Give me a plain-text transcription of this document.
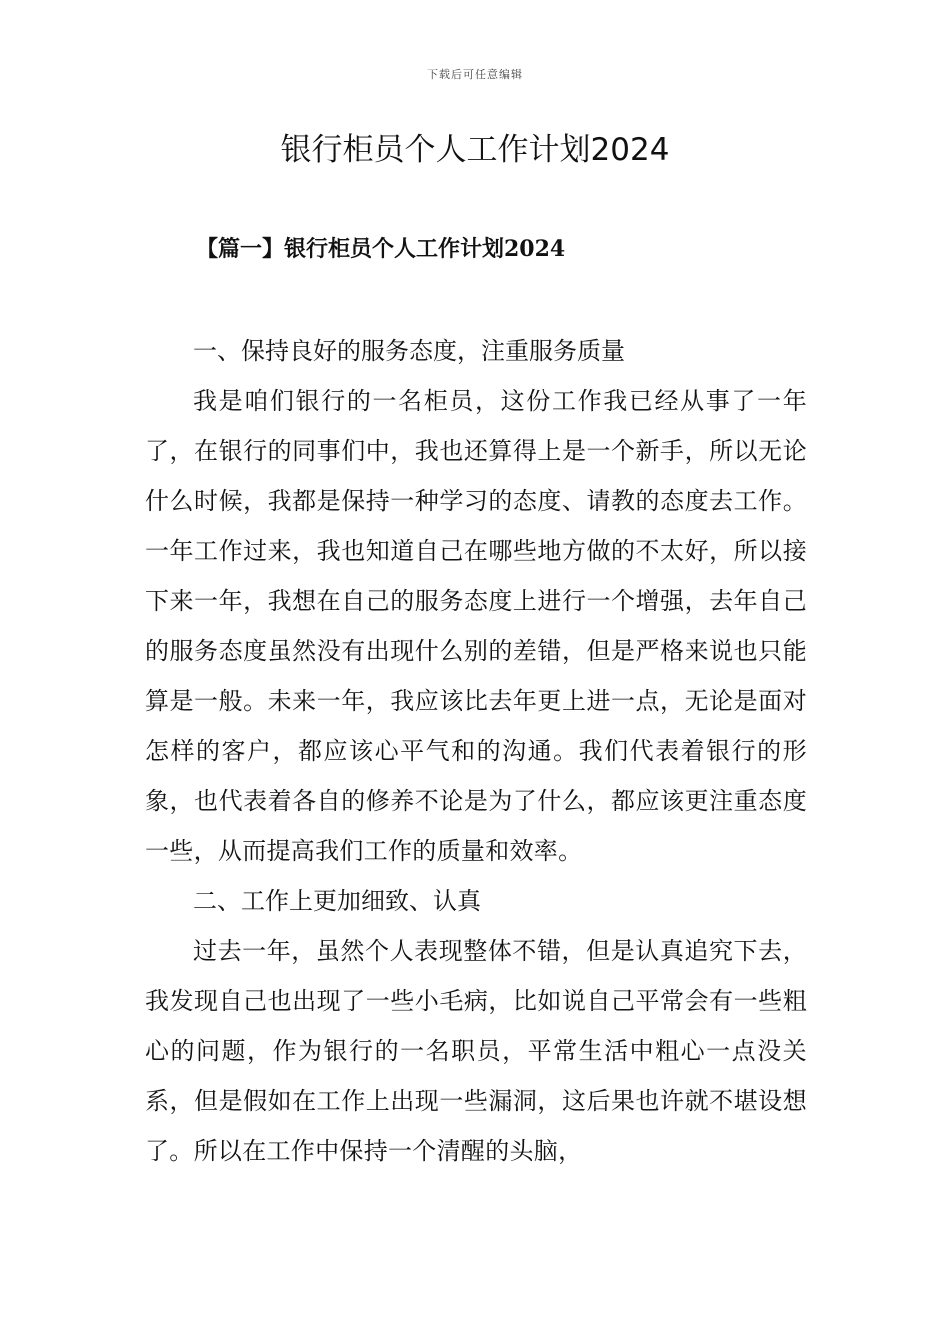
下载后可任意编辑
银行柜员个人工作计划2024
【篇一】银行柜员个人工作计划2024

一、保持良好的服务态度，注重服务质量

我是咱们银行的一名柜员，这份工作我已经从事了一年了，在银行的同事们中，我也还算得上是一个新手，所以无论什么时候，我都是保持一种学习的态度、请教的态度去工作。一年工作过来，我也知道自己在哪些地方做的不太好，所以接下来一年，我想在自己的服务态度上进行一个增强，去年自己的服务态度虽然没有出现什么别的差错，但是严格来说也只能算是一般。未来一年，我应该比去年更上进一点，无论是面对怎样的客户，都应该心平气和的沟通。我们代表着银行的形象，也代表着各自的修养不论是为了什么，都应该更注重态度一些，从而提高我们工作的质量和效率。

二、工作上更加细致、认真

过去一年，虽然个人表现整体不错，但是认真追究下去，我发现自己也出现了一些小毛病，比如说自己平常会有一些粗心的问题，作为银行的一名职员，平常生活中粗心一点没关系，但是假如在工作上出现一些漏洞，这后果也许就不堪设想了。所以在工作中保持一个清醒的头脑，
